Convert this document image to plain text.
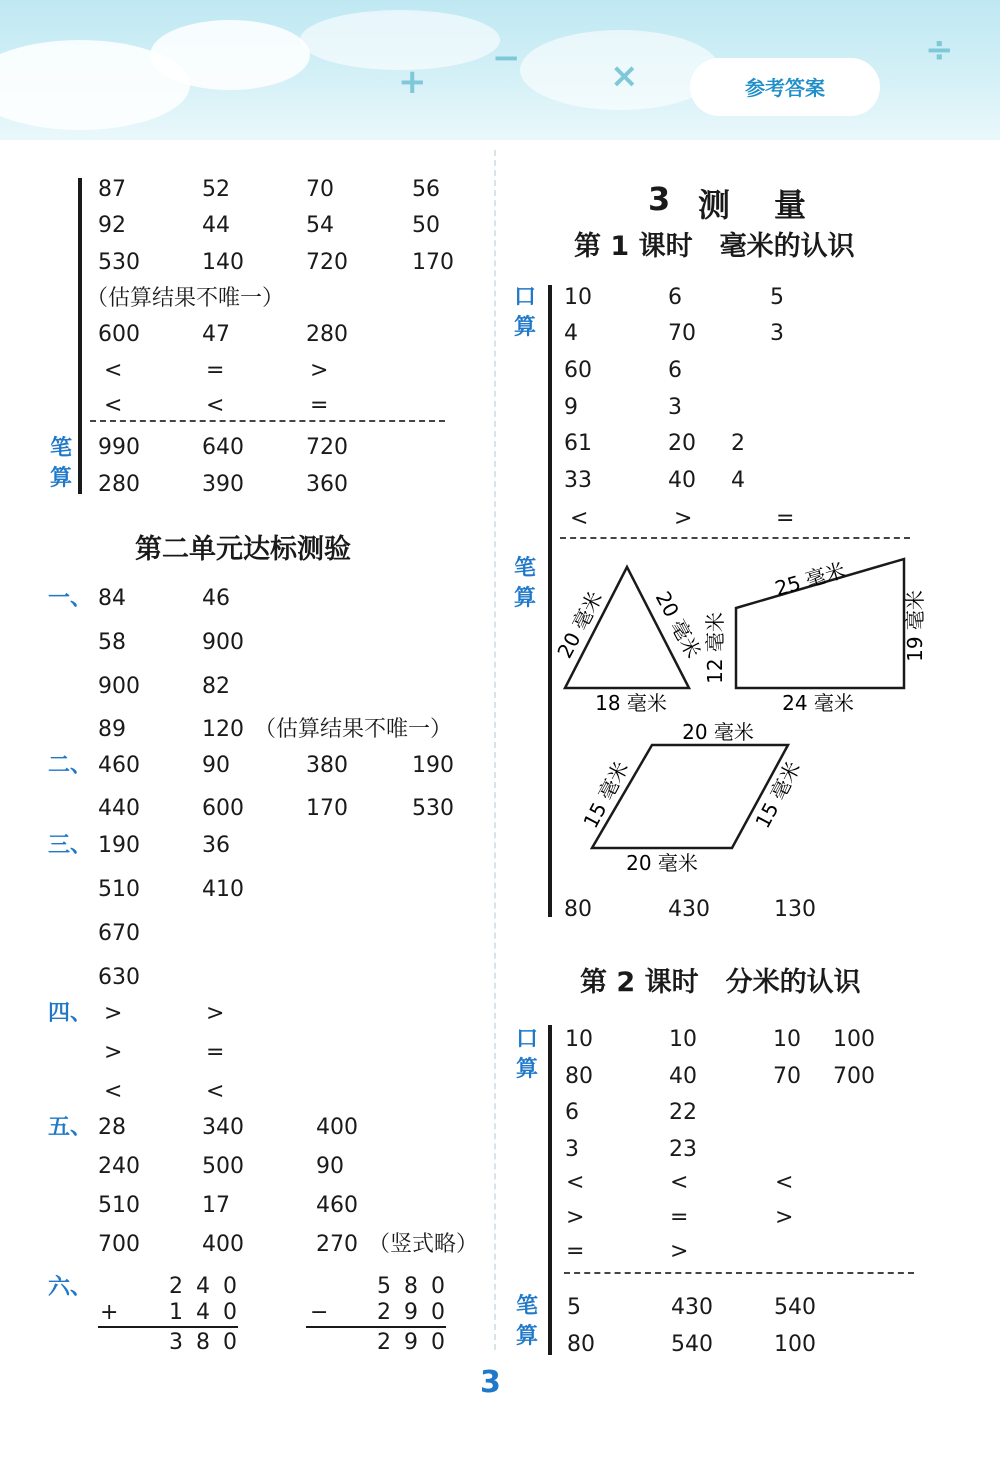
+
−	×
÷
参考答案
87	52	70	56
92	44	54	50
530	140	720	170
（估算结果不唯一）
600	47	280
<	=	>
<	<	=
笔算
990	640	720
280	390	360
第二单元达标测验
一、 84	46
58	900
900	82
89	120 （估算结果不唯一）
二、 460	90	380	190
440	600	170	530
三、 190	36
510	410
670
630
四、 >	>
>	=
<	<
五、 28	340	400
240	500	90
510	17	460
700	400	270 （竖式略）
六、	2 4 0
+	1 4 0
3 8 0
5 8 0
−	2 9 0
2 9 0
3 测　量
第 1 课时　毫米的认识
口算
10	6	5
4	70	3
60	6
9	3
61	20 2
33	40 4
<	>	=
笔算 20 毫米 20 毫米
18 毫米
25 毫米
12 毫米	19 毫米
24 毫米
20 毫米
15 毫米	15 毫米
20 毫米
80	430	130
第 2 课时　分米的认识
口算
10	10	10 100
80	40	70 700
6	22
3	23
<	<	<
>	=	>
=	>
笔算
5	430	540
80	540	100
3
